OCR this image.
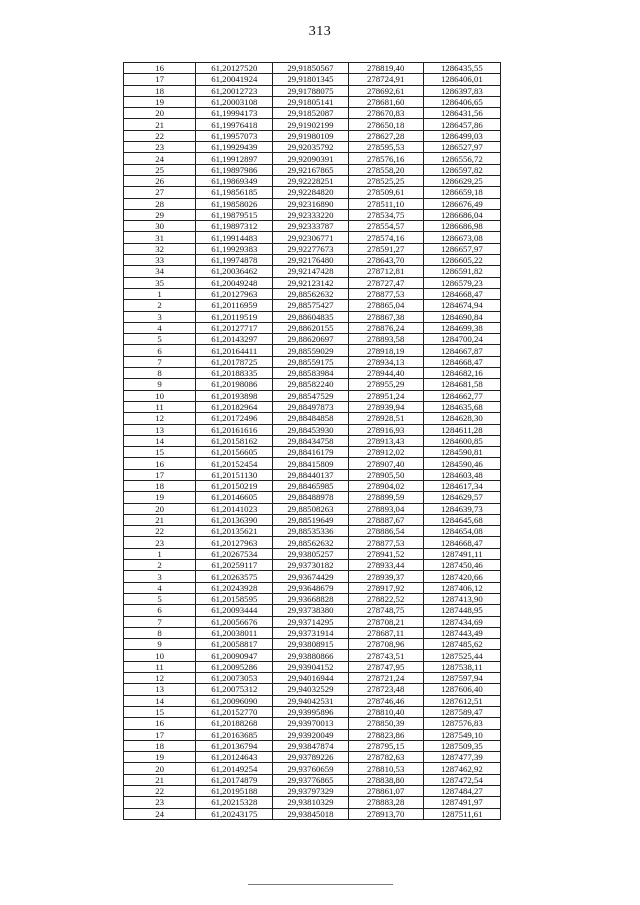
313
16	61,20127520	29,91850567	278819,40	1286435,55
17	61,20041924	29,91801345	278724,91	1286406,01
18	61,20012723	29,91788075	278692,61	1286397,83
19	61,20003108	29,91805141	278681,60	1286406,65
20	61,19994173	29,91852087	278670,83	1286431,56
21	61,19976418	29,91902199	278650,18	1286457,86
22	61,19957073	29,91980109	278627,28	1286499,03
23	61,19929439	29,92035792	278595,53	1286527,97
24	61,19912897	29,92090391	278576,16	1286556,72
25	61,19897986	29,92167865	278558,20	1286597,82
26	61,19869349	29,92228251	278525,25	1286629,25
27	61,19856185	29,92284820	278509,61	1286659,18
28	61,19858026	29,92316890	278511,10	1286676,49
29	61,19879515	29,92333220	278534,75	1286686,04
30	61,19897312	29,92333787	278554,57	1286686,98
31	61,19914483	29,92306771	278574,16	1286673,08
32	61,19929383	29,92277673	278591,27	1286657,97
33	61,19974878	29,92176480	278643,70	1286605,22
34	61,20036462	29,92147428	278712,81	1286591,82
35	61,20049248	29,92123142	278727,47	1286579,23
1	61,20127963	29,88562632	278877,53	1284668,47
2	61,20116959	29,88575427	278865,04	1284674,94
3	61,20119519	29,88604835	278867,38	1284690,84
4	61,20127717	29,88620155	278876,24	1284699,38
5	61,20143297	29,88620697	278893,58	1284700,24
6	61,20164411	29,88559029	278918,19	1284667,87
7	61,20178725	29,88559175	278934,13	1284668,47
8	61,20188335	29,88583984	278944,40	1284682,16
9	61,20198086	29,88582240	278955,29	1284681,58
10	61,20193898	29,88547529	278951,24	1284662,77
11	61,20182964	29,88497873	278939,94	1284635,68
12	61,20172496	29,88484858	278928,51	1284628,30
13	61,20161616	29,88453930	278916,93	1284611,28
14	61,20158162	29,88434758	278913,43	1284600,85
15	61,20156605	29,88416179	278912,02	1284590,81
16	61,20152454	29,88415809	278907,40	1284590,46
17	61,20151130	29,88440137	278905,50	1284603,48
18	61,20150219	29,88465985	278904,02	1284617,34
19	61,20146605	29,88488978	278899,59	1284629,57
20	61,20141023	29,88508263	278893,04	1284639,73
21	61,20136390	29,88519649	278887,67	1284645,68
22	61,20135621	29,88535336	278886,54	1284654,08
23	61,20127963	29,88562632	278877,53	1284668,47
1	61,20267534	29,93805257	278941,52	1287491,11
2	61,20259117	29,93730182	278933,44	1287450,46
3	61,20263575	29,93674429	278939,37	1287420,66
4	61,20243928	29,93648679	278917,92	1287406,12
5	61,20158595	29,93668828	278822,52	1287413,90
6	61,20093444	29,93738380	278748,75	1287448,95
7	61,20056676	29,93714295	278708,21	1287434,69
8	61,20038011	29,93731914	278687,11	1287443,49
9	61,20058817	29,93808915	278708,96	1287485,62
10	61,20090947	29,93880866	278743,51	1287525,44
11	61,20095286	29,93904152	278747,95	1287538,11
12	61,20073053	29,94016944	278721,24	1287597,94
13	61,20075312	29,94032529	278723,48	1287606,40
14	61,20096090	29,94042531	278746,46	1287612,51
15	61,20152770	29,93995896	278810,40	1287589,47
16	61,20188268	29,93970013	278850,39	1287576,83
17	61,20163685	29,93920049	278823,86	1287549,10
18	61,20136794	29,93847874	278795,15	1287509,35
19	61,20124643	29,93789226	278782,63	1287477,39
20	61,20149254	29,93760659	278810,53	1287462,92
21	61,20174879	29,93776865	278838,80	1287472,54
22	61,20195188	29,93797329	278861,07	1287484,27
23	61,20215328	29,93810329	278883,28	1287491,97
24	61,20243175	29,93845018	278913,70	1287511,61
